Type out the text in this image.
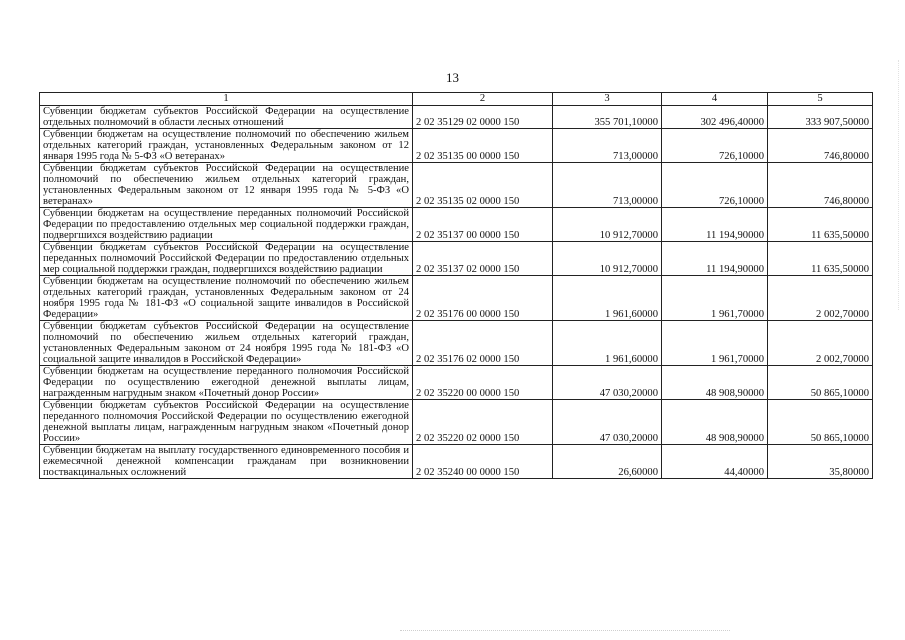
13
1	2	3	4	5
Субвенции бюджетам субъектов Российской Федерации на осуществление отдельных полномочий в области лесных отношений	2 02 35129 02 0000 150	355 701,10000	302 496,40000	333 907,50000
Субвенции бюджетам на осуществление полномочий по обеспечению жильем отдельных категорий граждан, установленных Федеральным законом от 12 января 1995 года № 5-ФЗ «О ветеранах»	2 02 35135 00 0000 150	713,00000	726,10000	746,80000
Субвенции бюджетам субъектов Российской Федерации на осуществление полномочий по обеспечению жильем отдельных категорий граждан, установленных Федеральным законом от 12 января 1995 года № 5-ФЗ «О ветеранах»	2 02 35135 02 0000 150	713,00000	726,10000	746,80000
Субвенции бюджетам на осуществление переданных полномочий Российской Федерации по предоставлению отдельных мер социальной поддержки граждан, подвергшихся воздействию радиации	2 02 35137 00 0000 150	10 912,70000	11 194,90000	11 635,50000
Субвенции бюджетам субъектов Российской Федерации на осуществление переданных полномочий Российской Федерации по предоставлению отдельных мер социальной поддержки граждан, подвергшихся воздействию радиации	2 02 35137 02 0000 150	10 912,70000	11 194,90000	11 635,50000
Субвенции бюджетам на осуществление полномочий по обеспечению жильем отдельных категорий граждан, установленных Федеральным законом от 24 ноября 1995 года № 181-ФЗ «О социальной защите инвалидов в Российской Федерации»	2 02 35176 00 0000 150	1 961,60000	1 961,70000	2 002,70000
Субвенции бюджетам субъектов Российской Федерации на осуществление полномочий по обеспечению жильем отдельных категорий граждан, установленных Федеральным законом от 24 ноября 1995 года № 181-ФЗ «О социальной защите инвалидов в Российской Федерации»	2 02 35176 02 0000 150	1 961,60000	1 961,70000	2 002,70000
Субвенции бюджетам на осуществление переданного полномочия Российской Федерации по осуществлению ежегодной денежной выплаты лицам, награжденным нагрудным знаком «Почетный донор России»	2 02 35220 00 0000 150	47 030,20000	48 908,90000	50 865,10000
Субвенции бюджетам субъектов Российской Федерации на осуществление переданного полномочия Российской Федерации по осуществлению ежегодной денежной выплаты лицам, награжденным нагрудным знаком «Почетный донор России»	2 02 35220 02 0000 150	47 030,20000	48 908,90000	50 865,10000
Субвенции бюджетам на выплату государственного единовременного пособия и ежемесячной денежной компенсации гражданам при возникновении поствакцинальных осложнений	2 02 35240 00 0000 150	26,60000	44,40000	35,80000
